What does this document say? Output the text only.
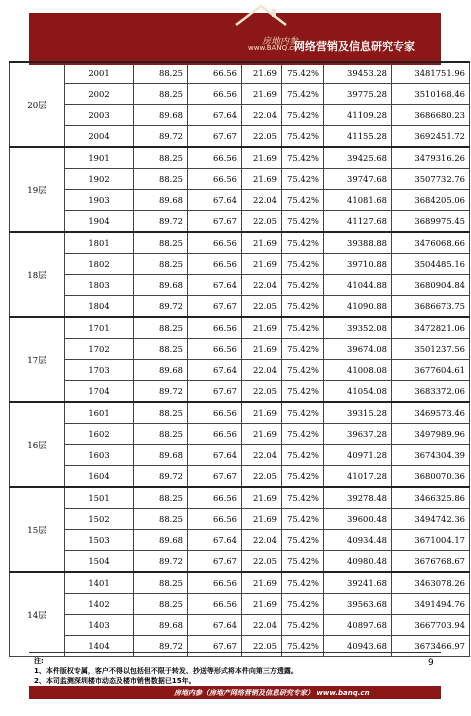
房地内参
www.BANQ.cn
网络营销及信息研究专家
20层	2001	88.25	66.56	21.69	75.42%	39453.28	3481751.96
	2002	88.25	66.56	21.69	75.42%	39775.28	3510168.46
	2003	89.68	67.64	22.04	75.42%	41109.28	3686680.23
	2004	89.72	67.67	22.05	75.42%	41155.28	3692451.72
19层	1901	88.25	66.56	21.69	75.42%	39425.68	3479316.26
	1902	88.25	66.56	21.69	75.42%	39747.68	3507732.76
	1903	89.68	67.64	22.04	75.42%	41081.68	3684205.06
	1904	89.72	67.67	22.05	75.42%	41127.68	3689975.45
18层	1801	88.25	66.56	21.69	75.42%	39388.88	3476068.66
	1802	88.25	66.56	21.69	75.42%	39710.88	3504485.16
	1803	89.68	67.64	22.04	75.42%	41044.88	3680904.84
	1804	89.72	67.67	22.05	75.42%	41090.88	3686673.75
17层	1701	88.25	66.56	21.69	75.42%	39352.08	3472821.06
	1702	88.25	66.56	21.69	75.42%	39674.08	3501237.56
	1703	89.68	67.64	22.04	75.42%	41008.08	3677604.61
	1704	89.72	67.67	22.05	75.42%	41054.08	3683372.06
16层	1601	88.25	66.56	21.69	75.42%	39315.28	3469573.46
	1602	88.25	66.56	21.69	75.42%	39637.28	3497989.96
	1603	89.68	67.64	22.04	75.42%	40971.28	3674304.39
	1604	89.72	67.67	22.05	75.42%	41017.28	3680070.36
15层	1501	88.25	66.56	21.69	75.42%	39278.48	3466325.86
	1502	88.25	66.56	21.69	75.42%	39600.48	3494742.36
	1503	89.68	67.64	22.04	75.42%	40934.48	3671004.17
	1504	89.72	67.67	22.05	75.42%	40980.48	3676768.67
14层	1401	88.25	66.56	21.69	75.42%	39241.68	3463078.26
	1402	88.25	66.56	21.69	75.42%	39563.68	3491494.76
	1403	89.68	67.64	22.04	75.42%	40897.68	3667703.94
	1404	89.72	67.67	22.05	75.42%	40943.68	3673466.97
注:
1、本件版权专属，客户不得以包括但不限于转发、抄送等形式将本件向第三方透露。
2、本司监测深圳楼市动态及楼市销售数据已15年。
9
房地内参（房地产网络营销及信息研究专家） www.banq.cn
